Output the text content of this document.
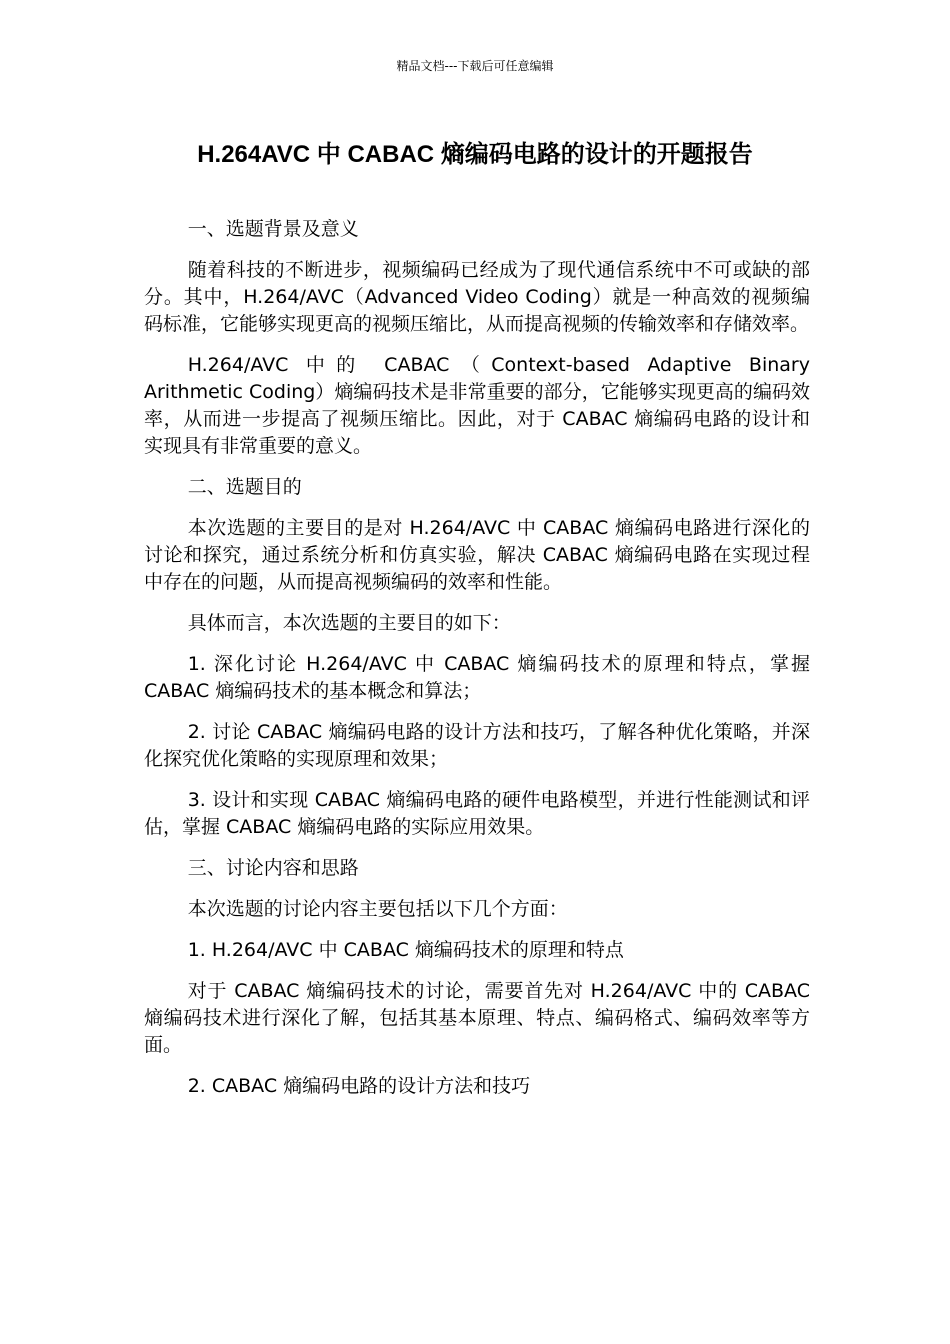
精品文档---下载后可任意编辑
H.264AVC 中 CABAC 熵编码电路的设计的开题报告

一、选题背景及意义

随着科技的不断进步，视频编码已经成为了现代通信系统中不可或缺的部分。其中，H.264/AVC（Advanced Video Coding）就是一种高效的视频编码标准，它能够实现更高的视频压缩比，从而提高视频的传输效率和存储效率。

H.264/AVC 中的 CABAC（Context-based Adaptive Binary Arithmetic Coding）熵编码技术是非常重要的部分，它能够实现更高的编码效率，从而进一步提高了视频压缩比。因此，对于 CABAC 熵编码电路的设计和实现具有非常重要的意义。

二、选题目的

本次选题的主要目的是对 H.264/AVC 中 CABAC 熵编码电路进行深化的讨论和探究，通过系统分析和仿真实验，解决 CABAC 熵编码电路在实现过程中存在的问题，从而提高视频编码的效率和性能。

具体而言，本次选题的主要目的如下：

1. 深化讨论 H.264/AVC 中 CABAC 熵编码技术的原理和特点，掌握 CABAC 熵编码技术的基本概念和算法；

2. 讨论 CABAC 熵编码电路的设计方法和技巧，了解各种优化策略，并深化探究优化策略的实现原理和效果；

3. 设计和实现 CABAC 熵编码电路的硬件电路模型，并进行性能测试和评估，掌握 CABAC 熵编码电路的实际应用效果。

三、讨论内容和思路

本次选题的讨论内容主要包括以下几个方面：

1. H.264/AVC 中 CABAC 熵编码技术的原理和特点

对于 CABAC 熵编码技术的讨论，需要首先对 H.264/AVC 中的 CABAC 熵编码技术进行深化了解，包括其基本原理、特点、编码格式、编码效率等方面。

2. CABAC 熵编码电路的设计方法和技巧
